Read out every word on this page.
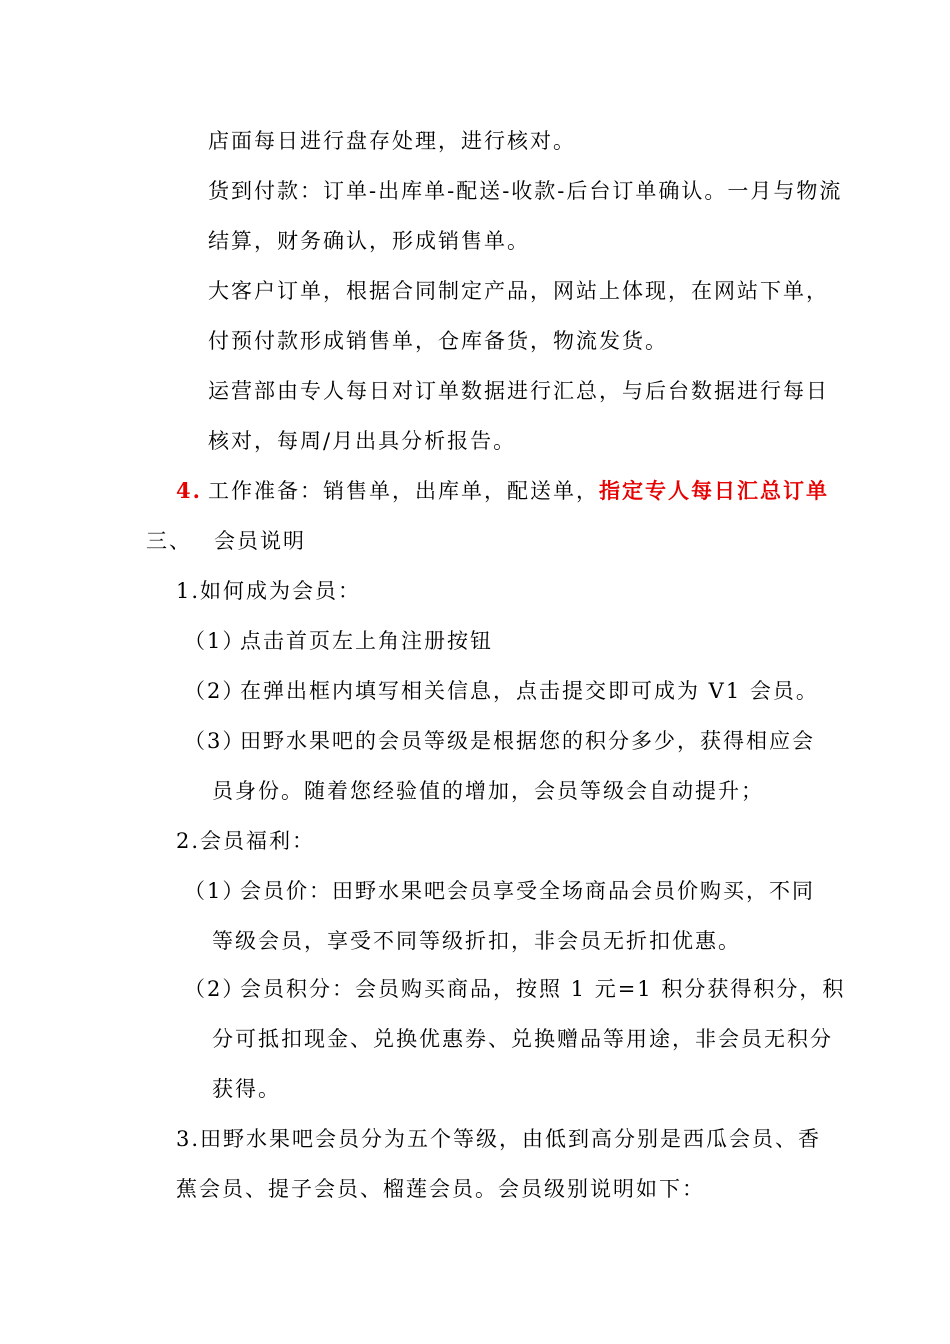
店面每日进行盘存处理，进行核对。
货到付款：订单-出库单-配送-收款-后台订单确认。一月与物流
结算，财务确认，形成销售单。
大客户订单，根据合同制定产品，网站上体现，在网站下单，
付预付款形成销售单，仓库备货，物流发货。
运营部由专人每日对订单数据进行汇总，与后台数据进行每日
核对，每周/月出具分析报告。
4. 工作准备：销售单，出库单，配送单，指定专人每日汇总订单
三、 会员说明
1.如何成为会员：
（1）点击首页左上角注册按钮
（2）在弹出框内填写相关信息，点击提交即可成为 V1 会员。
（3）田野水果吧的会员等级是根据您的积分多少，获得相应会
员身份。随着您经验值的增加，会员等级会自动提升；
2.会员福利：
（1）会员价：田野水果吧会员享受全场商品会员价购买，不同
等级会员，享受不同等级折扣，非会员无折扣优惠。
（2）会员积分：会员购买商品，按照 1 元=1 积分获得积分，积
分可抵扣现金、兑换优惠券、兑换赠品等用途，非会员无积分
获得。
3.田野水果吧会员分为五个等级，由低到高分别是西瓜会员、香
蕉会员、提子会员、榴莲会员。会员级别说明如下：
